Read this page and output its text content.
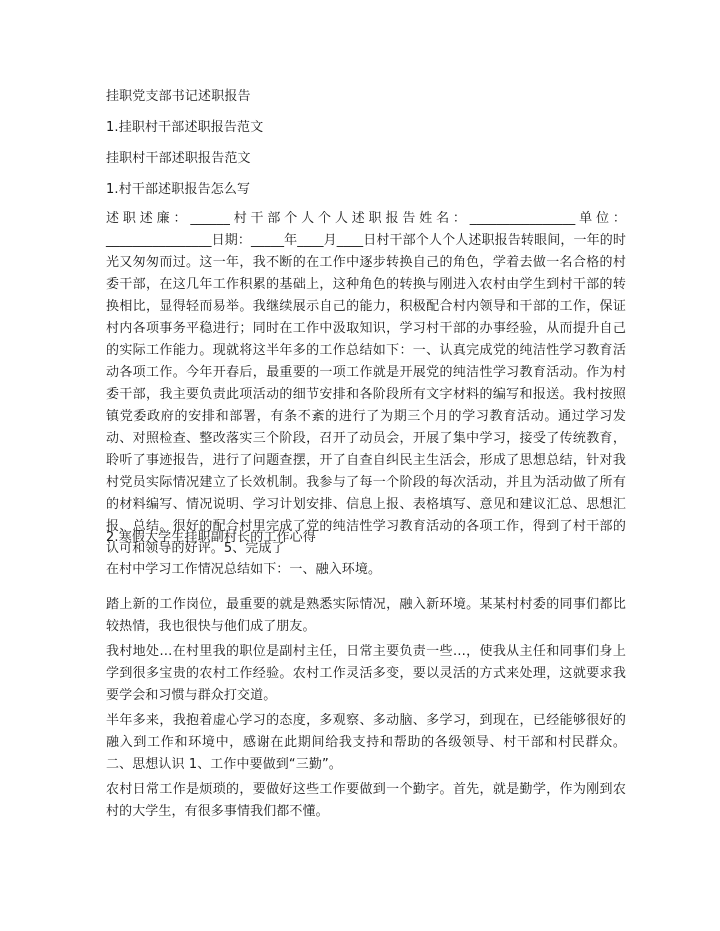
挂职党支部书记述职报告
1.挂职村干部述职报告范文
挂职村干部述职报告范文
1.村干部述职报告怎么写
述职述廉：______村干部个人个人述职报告姓名：________________单位：________________日期：_____年____月____日村干部个人个人述职报告转眼间，一年的时光又匆匆而过。这一年，我不断的在工作中逐步转换自己的角色，学着去做一名合格的村委干部，在这几年工作积累的基础上，这种角色的转换与刚进入农村由学生到村干部的转换相比，显得轻而易举。我继续展示自己的能力，积极配合村内领导和干部的工作，保证村内各项事务平稳进行；同时在工作中汲取知识，学习村干部的办事经验，从而提升自己的实际工作能力。现就将这半年多的工作总结如下：一、认真完成党的纯洁性学习教育活动各项工作。今年开春后，最重要的一项工作就是开展党的纯洁性学习教育活动。作为村委干部，我主要负责此项活动的细节安排和各阶段所有文字材料的编写和报送。我村按照镇党委政府的安排和部署，有条不紊的进行了为期三个月的学习教育活动。通过学习发动、对照检查、整改落实三个阶段，召开了动员会，开展了集中学习，接受了传统教育，聆听了事迹报告，进行了问题查摆，开了自查自纠民主生活会，形成了思想总结，针对我村党员实际情况建立了长效机制。我参与了每一个阶段的每次活动，并且为活动做了所有的材料编写、情况说明、学习计划安排、信息上报、表格填写、意见和建议汇总、思想汇报、总结。很好的配合村里完成了党的纯洁性学习教育活动的各项工作，得到了村干部的认可和领导的好评。5、完成了
2.寒假大学生挂职副村长的工作心得
在村中学习工作情况总结如下：一、融入环境。
踏上新的工作岗位，最重要的就是熟悉实际情况，融入新环境。某某村村委的同事们都比较热情，我也很快与他们成了朋友。
我村地处…在村里我的职位是副村主任，日常主要负责一些…，使我从主任和同事们身上学到很多宝贵的农村工作经验。农村工作灵活多变，要以灵活的方式来处理，这就要求我要学会和习惯与群众打交道。
半年多来，我抱着虚心学习的态度，多观察、多动脑、多学习，到现在，已经能够很好的融入到工作和环境中，感谢在此期间给我支持和帮助的各级领导、村干部和村民群众。二、思想认识 1、工作中要做到“三勤”。
农村日常工作是烦琐的，要做好这些工作要做到一个勤字。首先，就是勤学，作为刚到农村的大学生，有很多事情我们都不懂。
